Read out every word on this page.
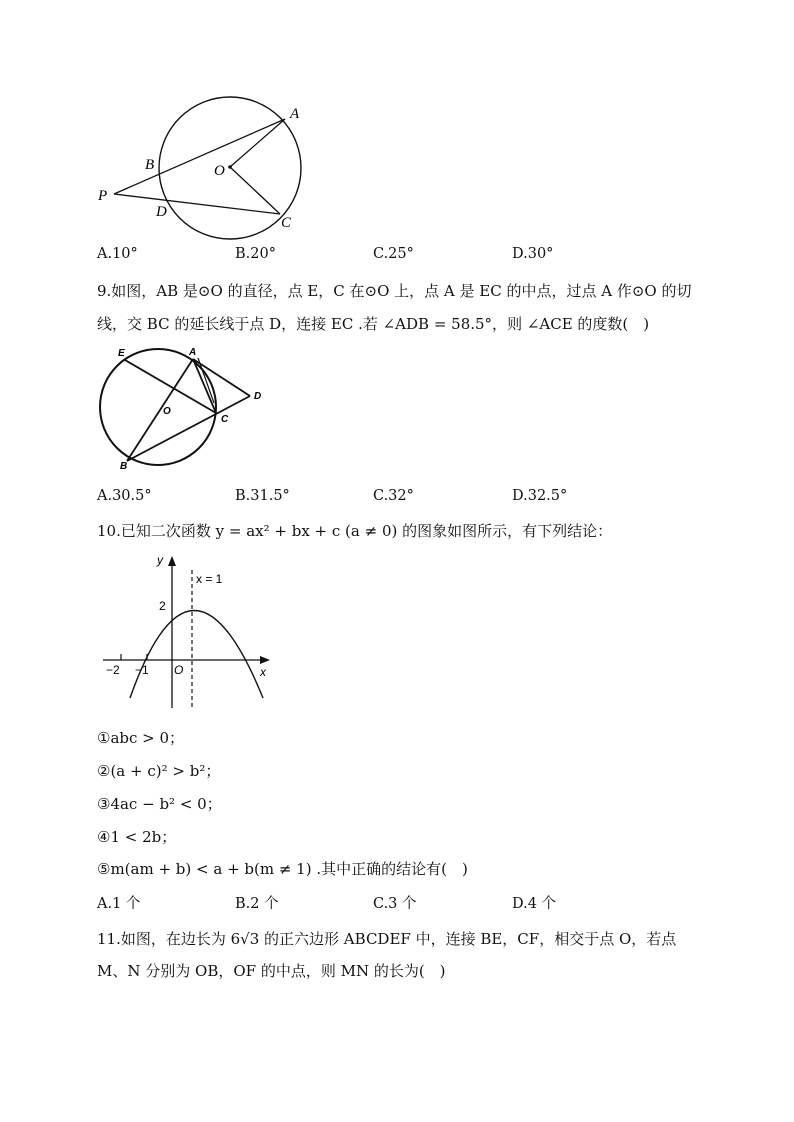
A
B	O
P
D
C
A.10°	B.20°	C.25°	D.30°
9.如图，AB 是⊙O 的直径，点 E，C 在⊙O 上，点 A 是 EC 的中点，过点 A 作⊙O 的切
线，交 BC 的延长线于点 D，连接 EC .若 ∠ADB = 58.5°，则 ∠ACE 的度数(　)
E	A
O
C
D
B
A.30.5°	B.31.5°	C.32°	D.32.5°
10.已知二次函数 y = ax² + bx + c (a ≠ 0) 的图象如图所示，有下列结论：
y
x
x = 1
2
−2 −1 O
①abc > 0；
②(a + c)² > b²；
③4ac − b² < 0；
④1 < 2b；
⑤m(am + b) < a + b(m ≠ 1) .其中正确的结论有(　)
A.1 个	B.2 个	C.3 个	D.4 个
11.如图，在边长为 6√3 的正六边形 ABCDEF 中，连接 BE，CF，相交于点 O，若点
M、N 分别为 OB，OF 的中点，则 MN 的长为(　)
